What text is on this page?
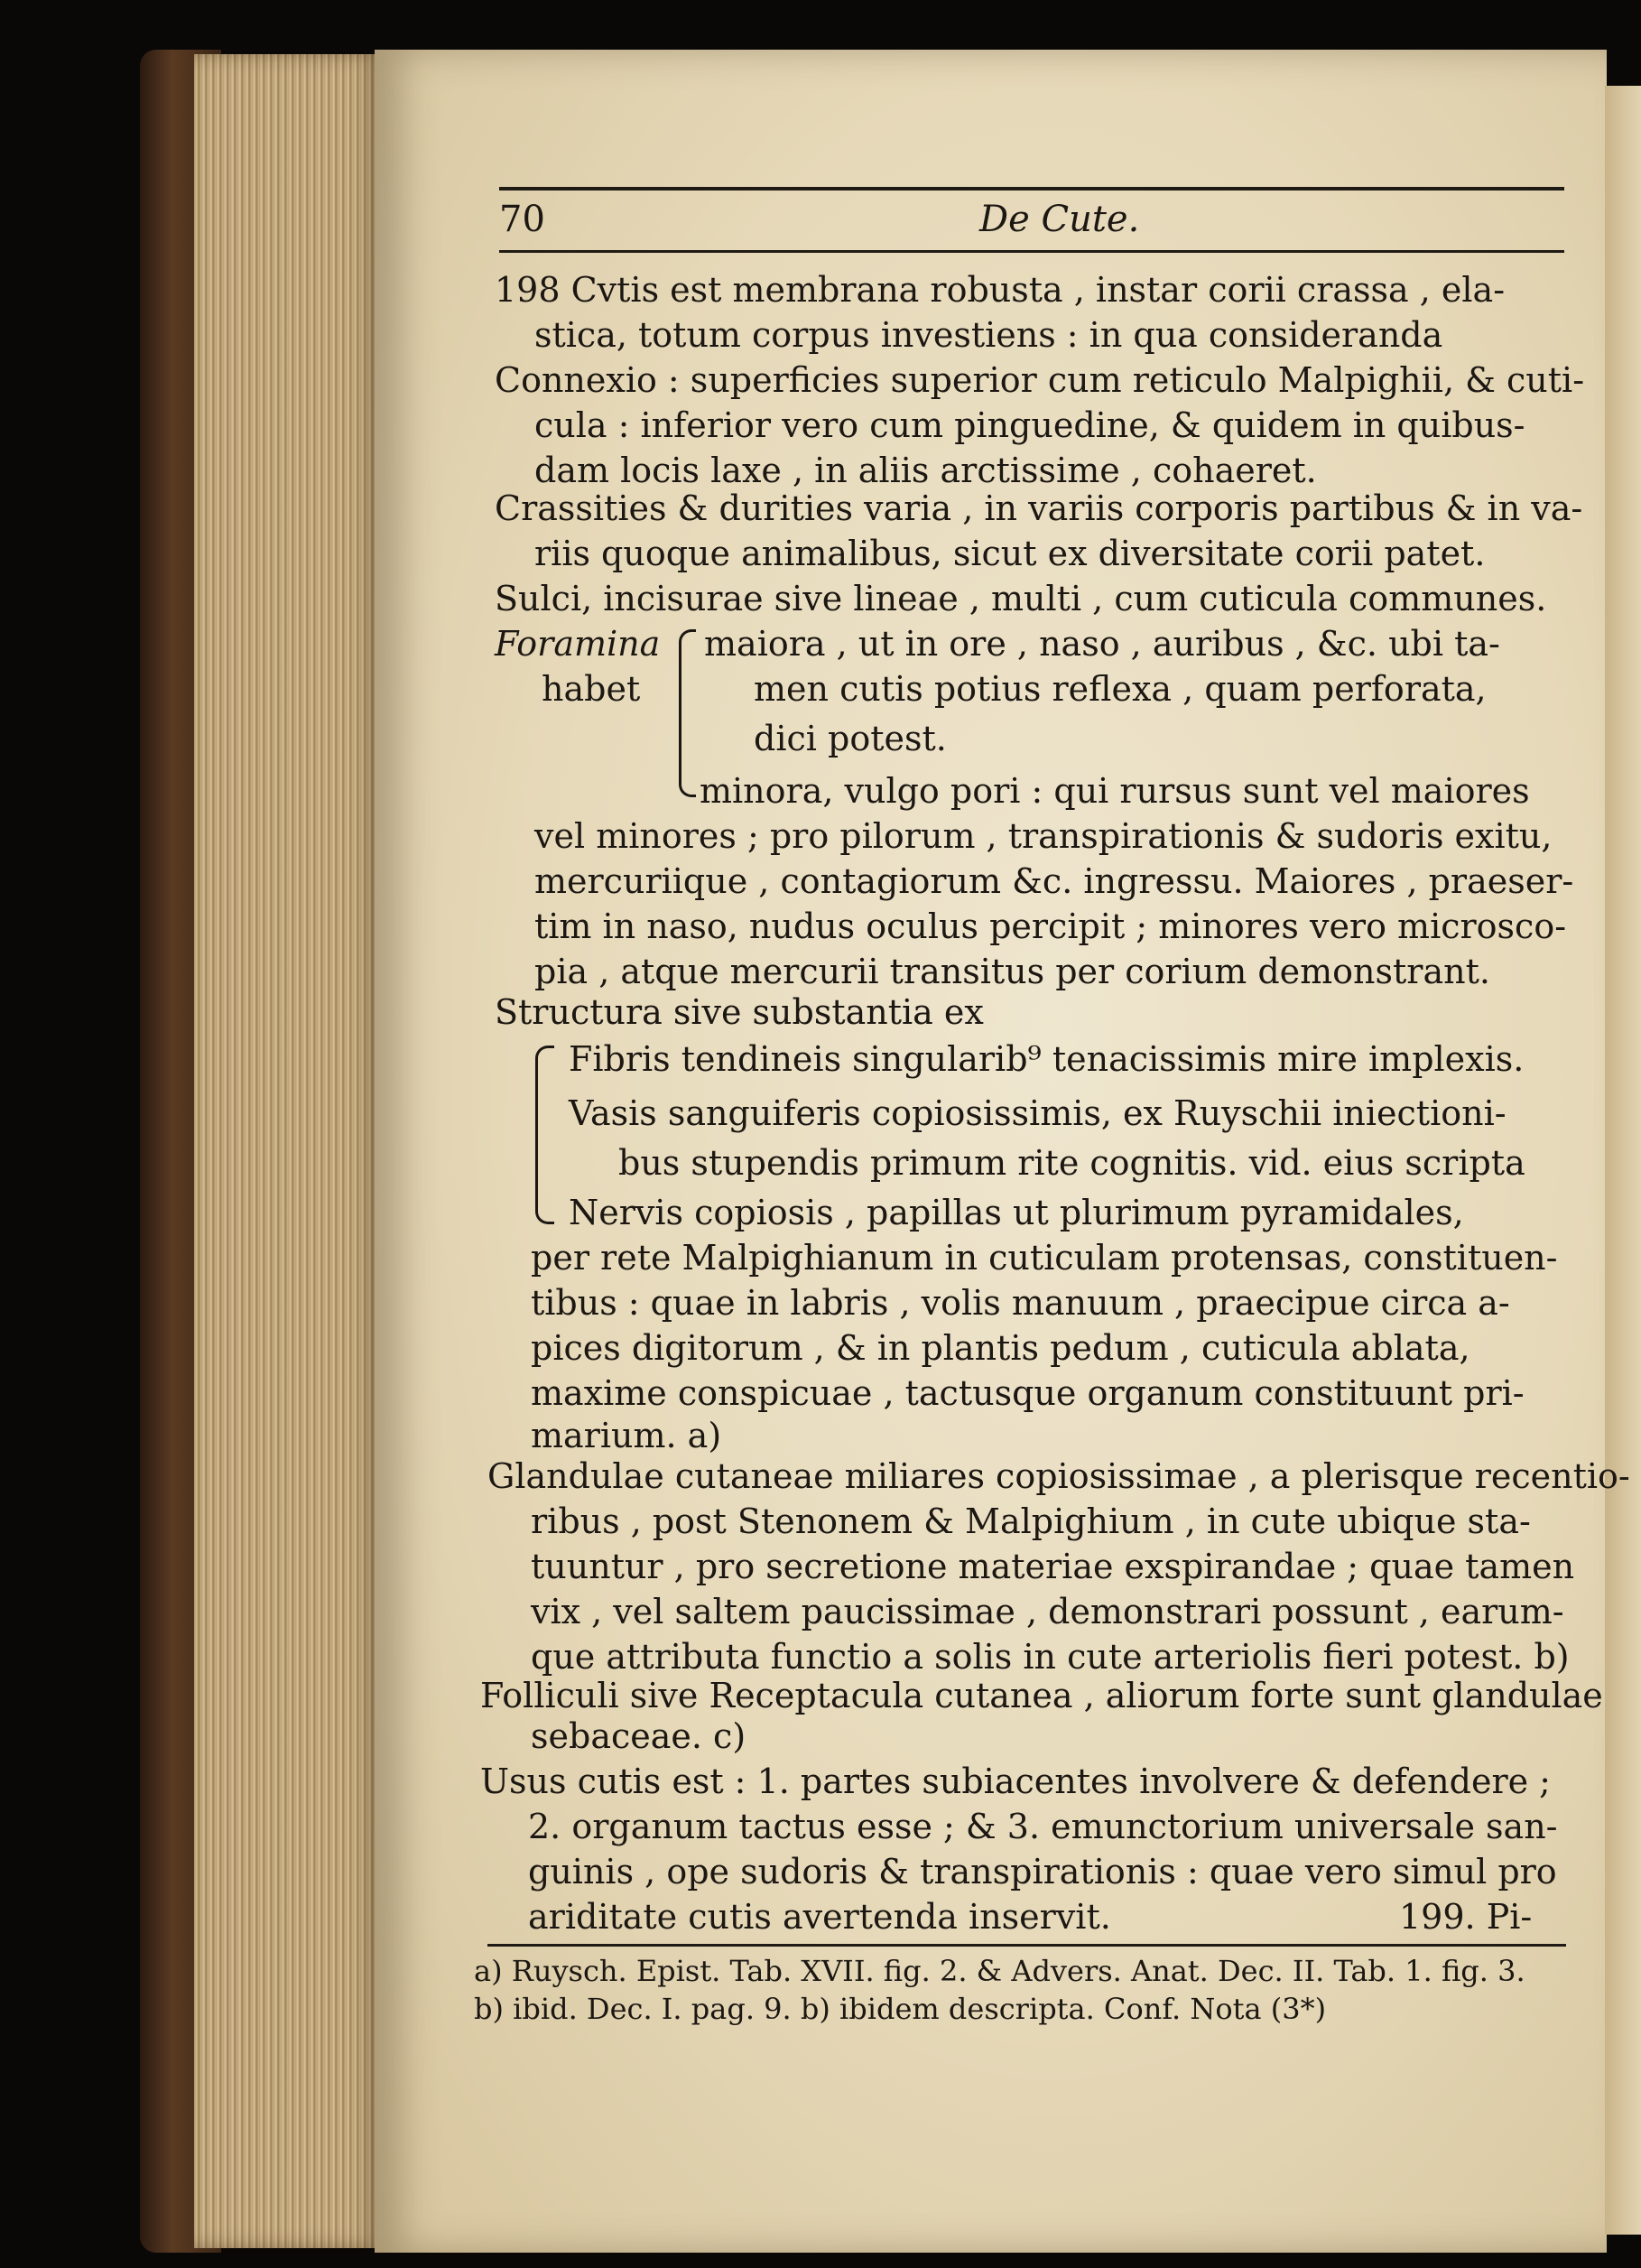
70	De Cute.

198 Cvtis est membrana robusta , instar corii crassa , ela-

stica, totum corpus investiens : in qua consideranda

Connexio : superficies superior cum reticulo Malpighii, & cuti-

cula : inferior vero cum pinguedine, & quidem in quibus-

dam locis laxe , in aliis arctissime , cohaeret.

Crassities & durities varia , in variis corporis partibus & in va-

riis quoque animalibus, sicut ex diversitate corii patet.

Sulci, incisurae sive lineae , multi , cum cuticula communes.

Foramina

habet

maiora , ut in ore , naso , auribus , &c. ubi ta-

men cutis potius reflexa , quam perforata,

dici potest.

minora, vulgo pori : qui rursus sunt vel maiores

vel minores ; pro pilorum , transpirationis & sudoris exitu,

mercuriique , contagiorum &c. ingressu. Maiores , praeser-

tim in naso, nudus oculus percipit ; minores vero microsco-

pia , atque mercurii transitus per corium demonstrant.

Structura sive substantia ex

Fibris tendineis singularib⁹ tenacissimis mire implexis.

Vasis sanguiferis copiosissimis, ex Ruyschii iniectioni-

bus stupendis primum rite cognitis. vid. eius scripta

Nervis copiosis , papillas ut plurimum pyramidales,

per rete Malpighianum in cuticulam protensas, constituen-

tibus : quae in labris , volis manuum , praecipue circa a-

pices digitorum , & in plantis pedum , cuticula ablata,

maxime conspicuae , tactusque organum constituunt pri-

marium. a)

Glandulae cutaneae miliares copiosissimae , a plerisque recentio-

ribus , post Stenonem & Malpighium , in cute ubique sta-

tuuntur , pro secretione materiae exspirandae ; quae tamen

vix , vel saltem paucissimae , demonstrari possunt , earum-

que attributa functio a solis in cute arteriolis fieri potest. b)

Folliculi sive Receptacula cutanea , aliorum forte sunt glandulae

sebaceae. c)

Usus cutis est : 1. partes subiacentes involvere & defendere ;

2. organum tactus esse ; & 3. emunctorium universale san-

guinis , ope sudoris & transpirationis : quae vero simul pro

ariditate cutis avertenda inservit.	199. Pi-

a) Ruysch. Epist. Tab. XVII. fig. 2. & Advers. Anat. Dec. II. Tab. 1. fig. 3.

b) ibid. Dec. I. pag. 9. b) ibidem descripta. Conf. Nota (3*)
